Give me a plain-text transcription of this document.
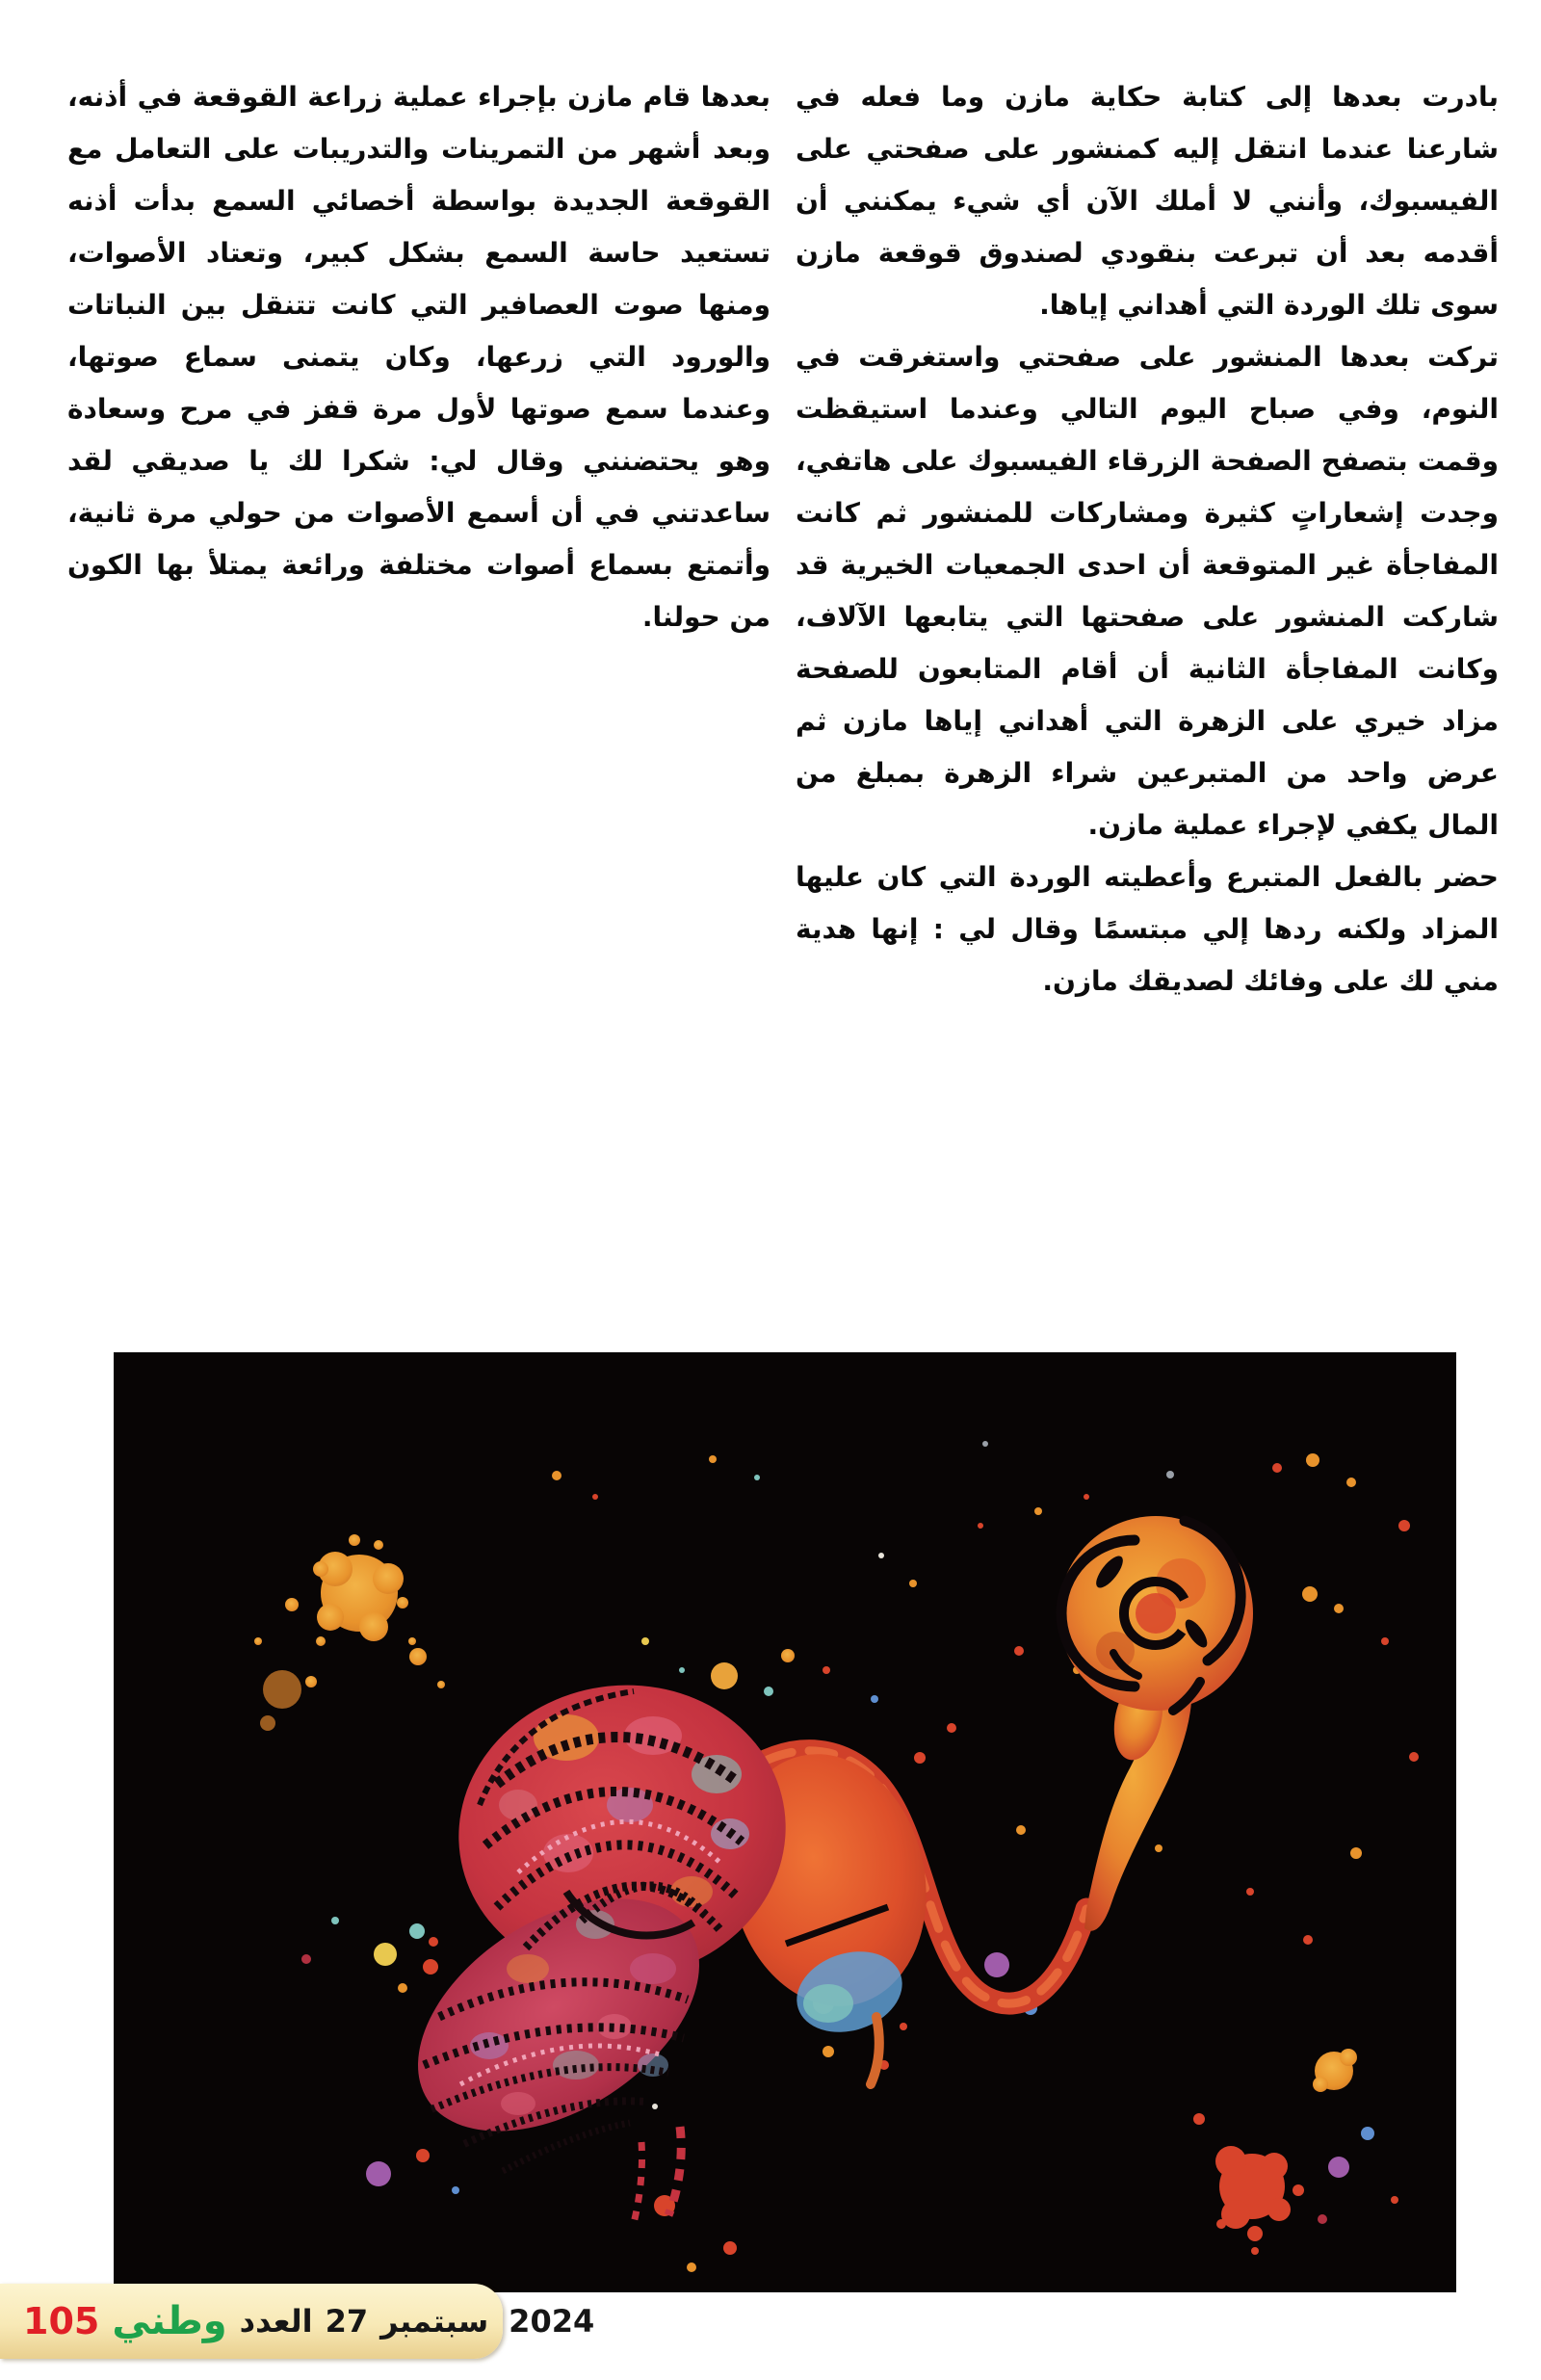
بادرت بعدها إلى كتابة حكاية مازن وما فعله في شارعنا عندما انتقل إليه كمنشور على صفحتي على الفيسبوك، وأنني لا أملك الآن أي شيء يمكنني أن أقدمه بعد أن تبرعت بنقودي لصندوق قوقعة مازن سوى تلك الوردة التي أهداني إياها.

تركت بعدها المنشور على صفحتي واستغرقت في النوم، وفي صباح اليوم التالي وعندما استيقظت وقمت بتصفح الصفحة الزرقاء الفيسبوك على هاتفي، وجدت إشعاراتٍ كثيرة ومشاركات للمنشور ثم كانت المفاجأة غير المتوقعة أن احدى الجمعيات الخيرية قد شاركت المنشور على صفحتها التي يتابعها الآلاف، وكانت المفاجأة الثانية أن أقام المتابعون للصفحة مزاد خيري على الزهرة التي أهداني إياها مازن ثم عرض واحد من المتبرعين شراء الزهرة بمبلغ من المال يكفي لإجراء عملية مازن.

حضر بالفعل المتبرع وأعطيته الوردة التي كان عليها المزاد ولكنه ردها إلي مبتسمًا وقال لي : إنها هدية مني لك على وفائك لصديقك مازن.

بعدها قام مازن بإجراء عملية زراعة القوقعة في أذنه، وبعد أشهر من التمرينات والتدريبات على التعامل مع القوقعة الجديدة بواسطة أخصائي السمع بدأت أذنه تستعيد حاسة السمع بشكل كبير، وتعتاد الأصوات، ومنها صوت العصافير التي كانت تتنقل بين النباتات والورود التي زرعها، وكان يتمنى سماع صوتها، وعندما سمع صوتها لأول مرة قفز في مرح وسعادة وهو يحتضنني وقال لي: شكرا لك يا صديقي لقد ساعدتني في أن أسمع الأصوات من حولي مرة ثانية، وأتمتع بسماع أصوات مختلفة ورائعة يمتلأ بها الكون من حولنا.

105 وطني العدد 27 سبتمبر 2024
